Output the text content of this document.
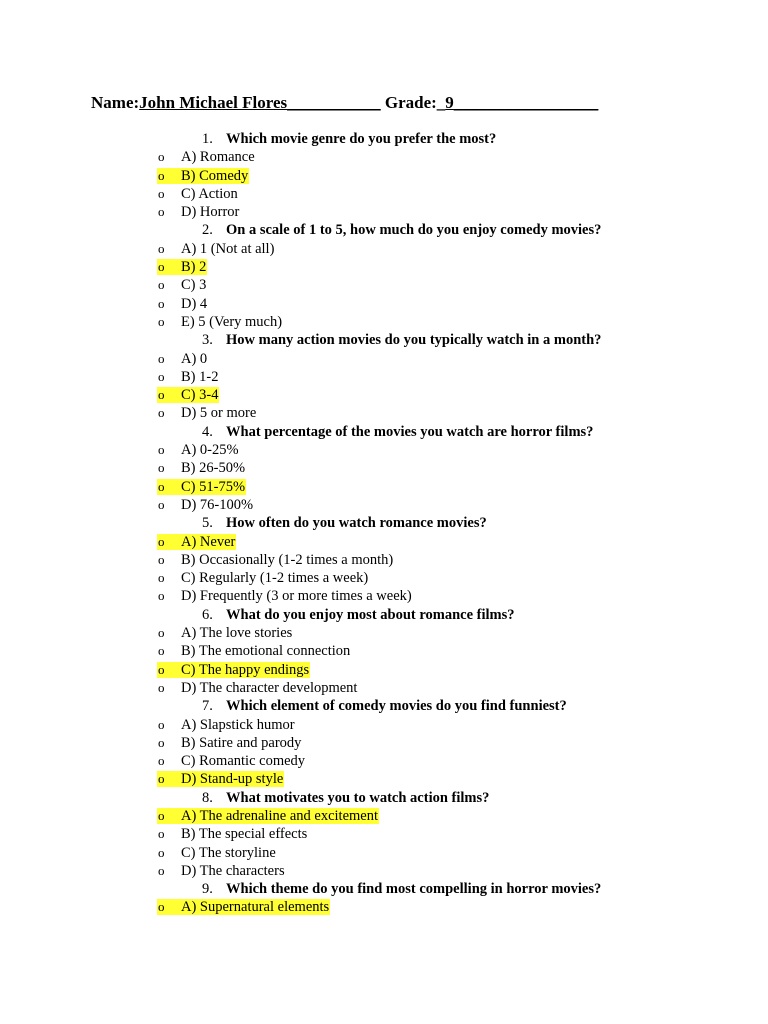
Name:John Michael Flores___________ Grade:_9_________________
1. Which movie genre do you prefer the most?
o A) Romance
o B) Comedy
o C) Action
o D) Horror
2. On a scale of 1 to 5, how much do you enjoy comedy movies?
o A) 1 (Not at all)
o B) 2
o C) 3
o D) 4
o E) 5 (Very much)
3. How many action movies do you typically watch in a month?
o A) 0
o B) 1-2
o C) 3-4
o D) 5 or more
4. What percentage of the movies you watch are horror films?
o A) 0-25%
o B) 26-50%
o C) 51-75%
o D) 76-100%
5. How often do you watch romance movies?
o A) Never
o B) Occasionally (1-2 times a month)
o C) Regularly (1-2 times a week)
o D) Frequently (3 or more times a week)
6. What do you enjoy most about romance films?
o A) The love stories
o B) The emotional connection
o C) The happy endings
o D) The character development
7. Which element of comedy movies do you find funniest?
o A) Slapstick humor
o B) Satire and parody
o C) Romantic comedy
o D) Stand-up style
8. What motivates you to watch action films?
o A) The adrenaline and excitement
o B) The special effects
o C) The storyline
o D) The characters
9. Which theme do you find most compelling in horror movies?
o A) Supernatural elements
